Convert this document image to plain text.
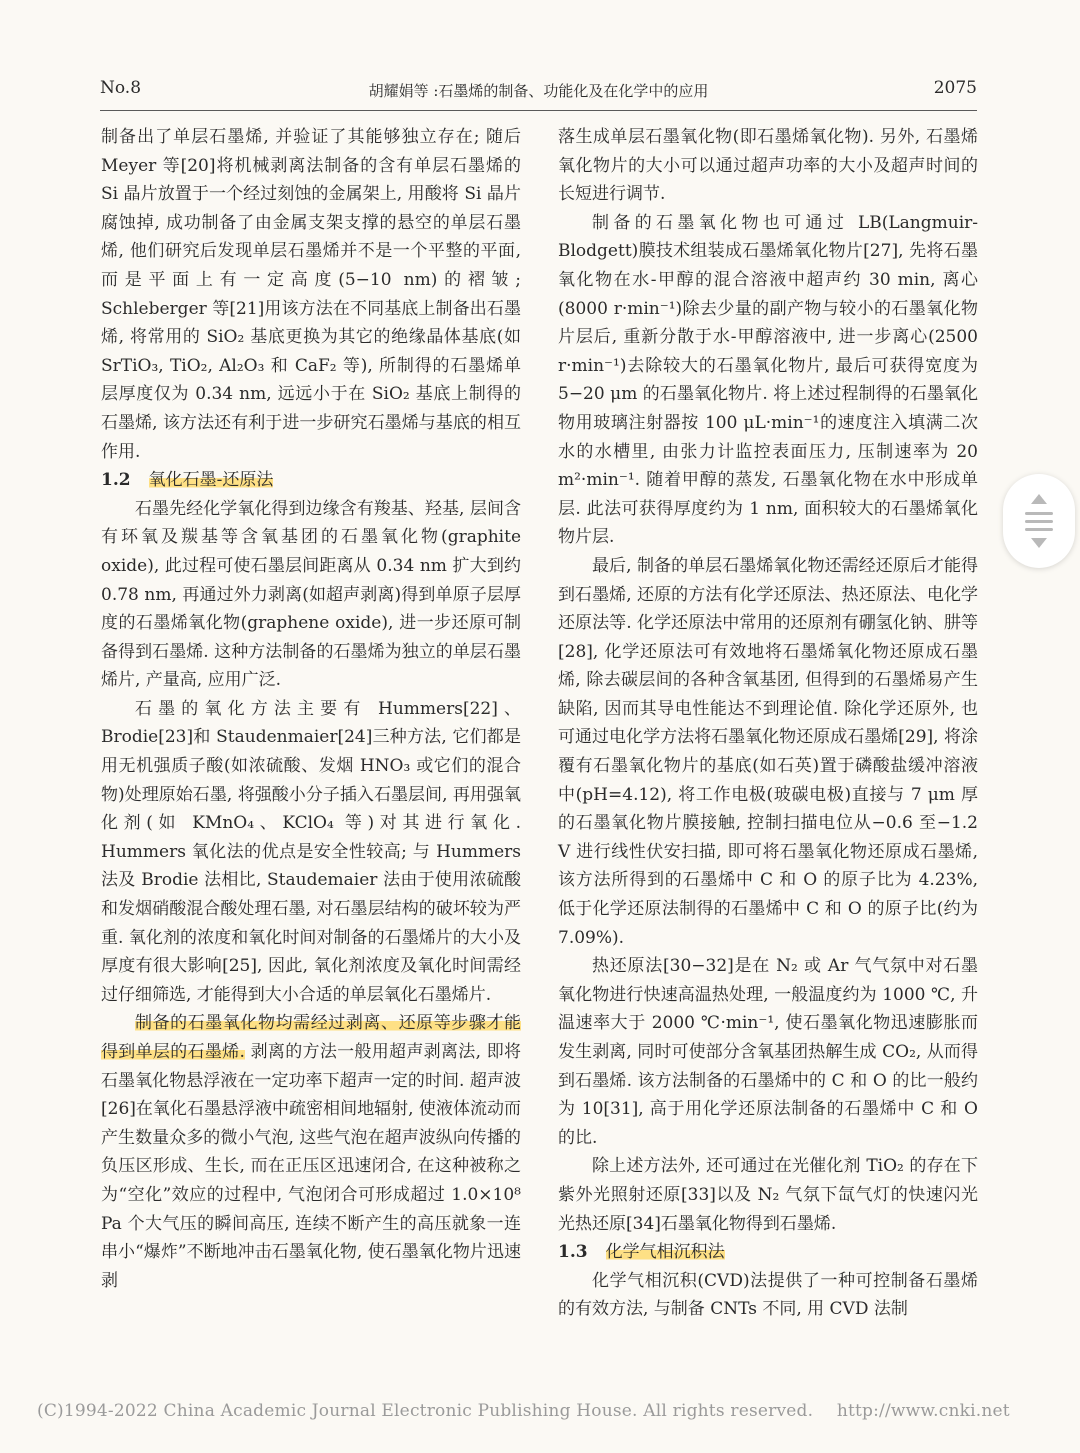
No.8	胡耀娟等 :石墨烯的制备、功能化及在化学中的应用	2075

制备出了单层石墨烯, 并验证了其能够独立存在; 随后 Meyer 等[20]将机械剥离法制备的含有单层石墨烯的 Si 晶片放置于一个经过刻蚀的金属架上, 用酸将 Si 晶片腐蚀掉, 成功制备了由金属支架支撑的悬空的单层石墨烯, 他们研究后发现单层石墨烯并不是一个平整的平面, 而是平面上有一定高度(5−10 nm)的褶皱; Schleberger 等[21]用该方法在不同基底上制备出石墨烯, 将常用的 SiO₂ 基底更换为其它的绝缘晶体基底(如 SrTiO₃, TiO₂, Al₂O₃ 和 CaF₂ 等), 所制得的石墨烯单层厚度仅为 0.34 nm, 远远小于在 SiO₂ 基底上制得的石墨烯, 该方法还有利于进一步研究石墨烯与基底的相互作用.

1.2 氧化石墨-还原法

石墨先经化学氧化得到边缘含有羧基、羟基, 层间含有环氧及羰基等含氧基团的石墨氧化物(graphite oxide), 此过程可使石墨层间距离从 0.34 nm 扩大到约 0.78 nm, 再通过外力剥离(如超声剥离)得到单原子层厚度的石墨烯氧化物(graphene oxide), 进一步还原可制备得到石墨烯. 这种方法制备的石墨烯为独立的单层石墨烯片, 产量高, 应用广泛.

石墨的氧化方法主要有 Hummers[22]、Brodie[23]和 Staudenmaier[24]三种方法, 它们都是用无机强质子酸(如浓硫酸、发烟 HNO₃ 或它们的混合物)处理原始石墨, 将强酸小分子插入石墨层间, 再用强氧化剂(如 KMnO₄、KClO₄ 等)对其进行氧化. Hummers 氧化法的优点是安全性较高; 与 Hummers 法及 Brodie 法相比, Staudemaier 法由于使用浓硫酸和发烟硝酸混合酸处理石墨, 对石墨层结构的破坏较为严重. 氧化剂的浓度和氧化时间对制备的石墨烯片的大小及厚度有很大影响[25], 因此, 氧化剂浓度及氧化时间需经过仔细筛选, 才能得到大小合适的单层氧化石墨烯片.

制备的石墨氧化物均需经过剥离、还原等步骤才能得到单层的石墨烯. 剥离的方法一般用超声剥离法, 即将石墨氧化物悬浮液在一定功率下超声一定的时间. 超声波[26]在氧化石墨悬浮液中疏密相间地辐射, 使液体流动而产生数量众多的微小气泡, 这些气泡在超声波纵向传播的负压区形成、生长, 而在正压区迅速闭合, 在这种被称之为“空化”效应的过程中, 气泡闭合可形成超过 1.0×10⁸ Pa 个大气压的瞬间高压, 连续不断产生的高压就象一连串小“爆炸”不断地冲击石墨氧化物, 使石墨氧化物片迅速剥

落生成单层石墨氧化物(即石墨烯氧化物). 另外, 石墨烯氧化物片的大小可以通过超声功率的大小及超声时间的长短进行调节.

制备的石墨氧化物也可通过 LB(Langmuir-Blodgett)膜技术组装成石墨烯氧化物片[27], 先将石墨氧化物在水-甲醇的混合溶液中超声约 30 min, 离心(8000 r·min⁻¹)除去少量的副产物与较小的石墨氧化物片层后, 重新分散于水-甲醇溶液中, 进一步离心(2500 r·min⁻¹)去除较大的石墨氧化物片, 最后可获得宽度为 5−20 μm 的石墨氧化物片. 将上述过程制得的石墨氧化物用玻璃注射器按 100 μL·min⁻¹的速度注入填满二次水的水槽里, 由张力计监控表面压力, 压制速率为 20 m²·min⁻¹. 随着甲醇的蒸发, 石墨氧化物在水中形成单层. 此法可获得厚度约为 1 nm, 面积较大的石墨烯氧化物片层.

最后, 制备的单层石墨烯氧化物还需经还原后才能得到石墨烯, 还原的方法有化学还原法、热还原法、电化学还原法等. 化学还原法中常用的还原剂有硼氢化钠、肼等[28], 化学还原法可有效地将石墨烯氧化物还原成石墨烯, 除去碳层间的各种含氧基团, 但得到的石墨烯易产生缺陷, 因而其导电性能达不到理论值. 除化学还原外, 也可通过电化学方法将石墨氧化物还原成石墨烯[29], 将涂覆有石墨氧化物片的基底(如石英)置于磷酸盐缓冲溶液中(pH=4.12), 将工作电极(玻碳电极)直接与 7 μm 厚的石墨氧化物片膜接触, 控制扫描电位从−0.6 至−1.2 V 进行线性伏安扫描, 即可将石墨氧化物还原成石墨烯, 该方法所得到的石墨烯中 C 和 O 的原子比为 4.23%, 低于化学还原法制得的石墨烯中 C 和 O 的原子比(约为 7.09%).

热还原法[30−32]是在 N₂ 或 Ar 气气氛中对石墨氧化物进行快速高温热处理, 一般温度约为 1000 ℃, 升温速率大于 2000 ℃·min⁻¹, 使石墨氧化物迅速膨胀而发生剥离, 同时可使部分含氧基团热解生成 CO₂, 从而得到石墨烯. 该方法制备的石墨烯中的 C 和 O 的比一般约为 10[31], 高于用化学还原法制备的石墨烯中 C 和 O 的比.

除上述方法外, 还可通过在光催化剂 TiO₂ 的存在下紫外光照射还原[33]以及 N₂ 气氛下氙气灯的快速闪光光热还原[34]石墨氧化物得到石墨烯.

1.3 化学气相沉积法

化学气相沉积(CVD)法提供了一种可控制备石墨烯的有效方法, 与制备 CNTs 不同, 用 CVD 法制

(C)1994-2022 China Academic Journal Electronic Publishing House. All rights reserved. http://www.cnki.net
